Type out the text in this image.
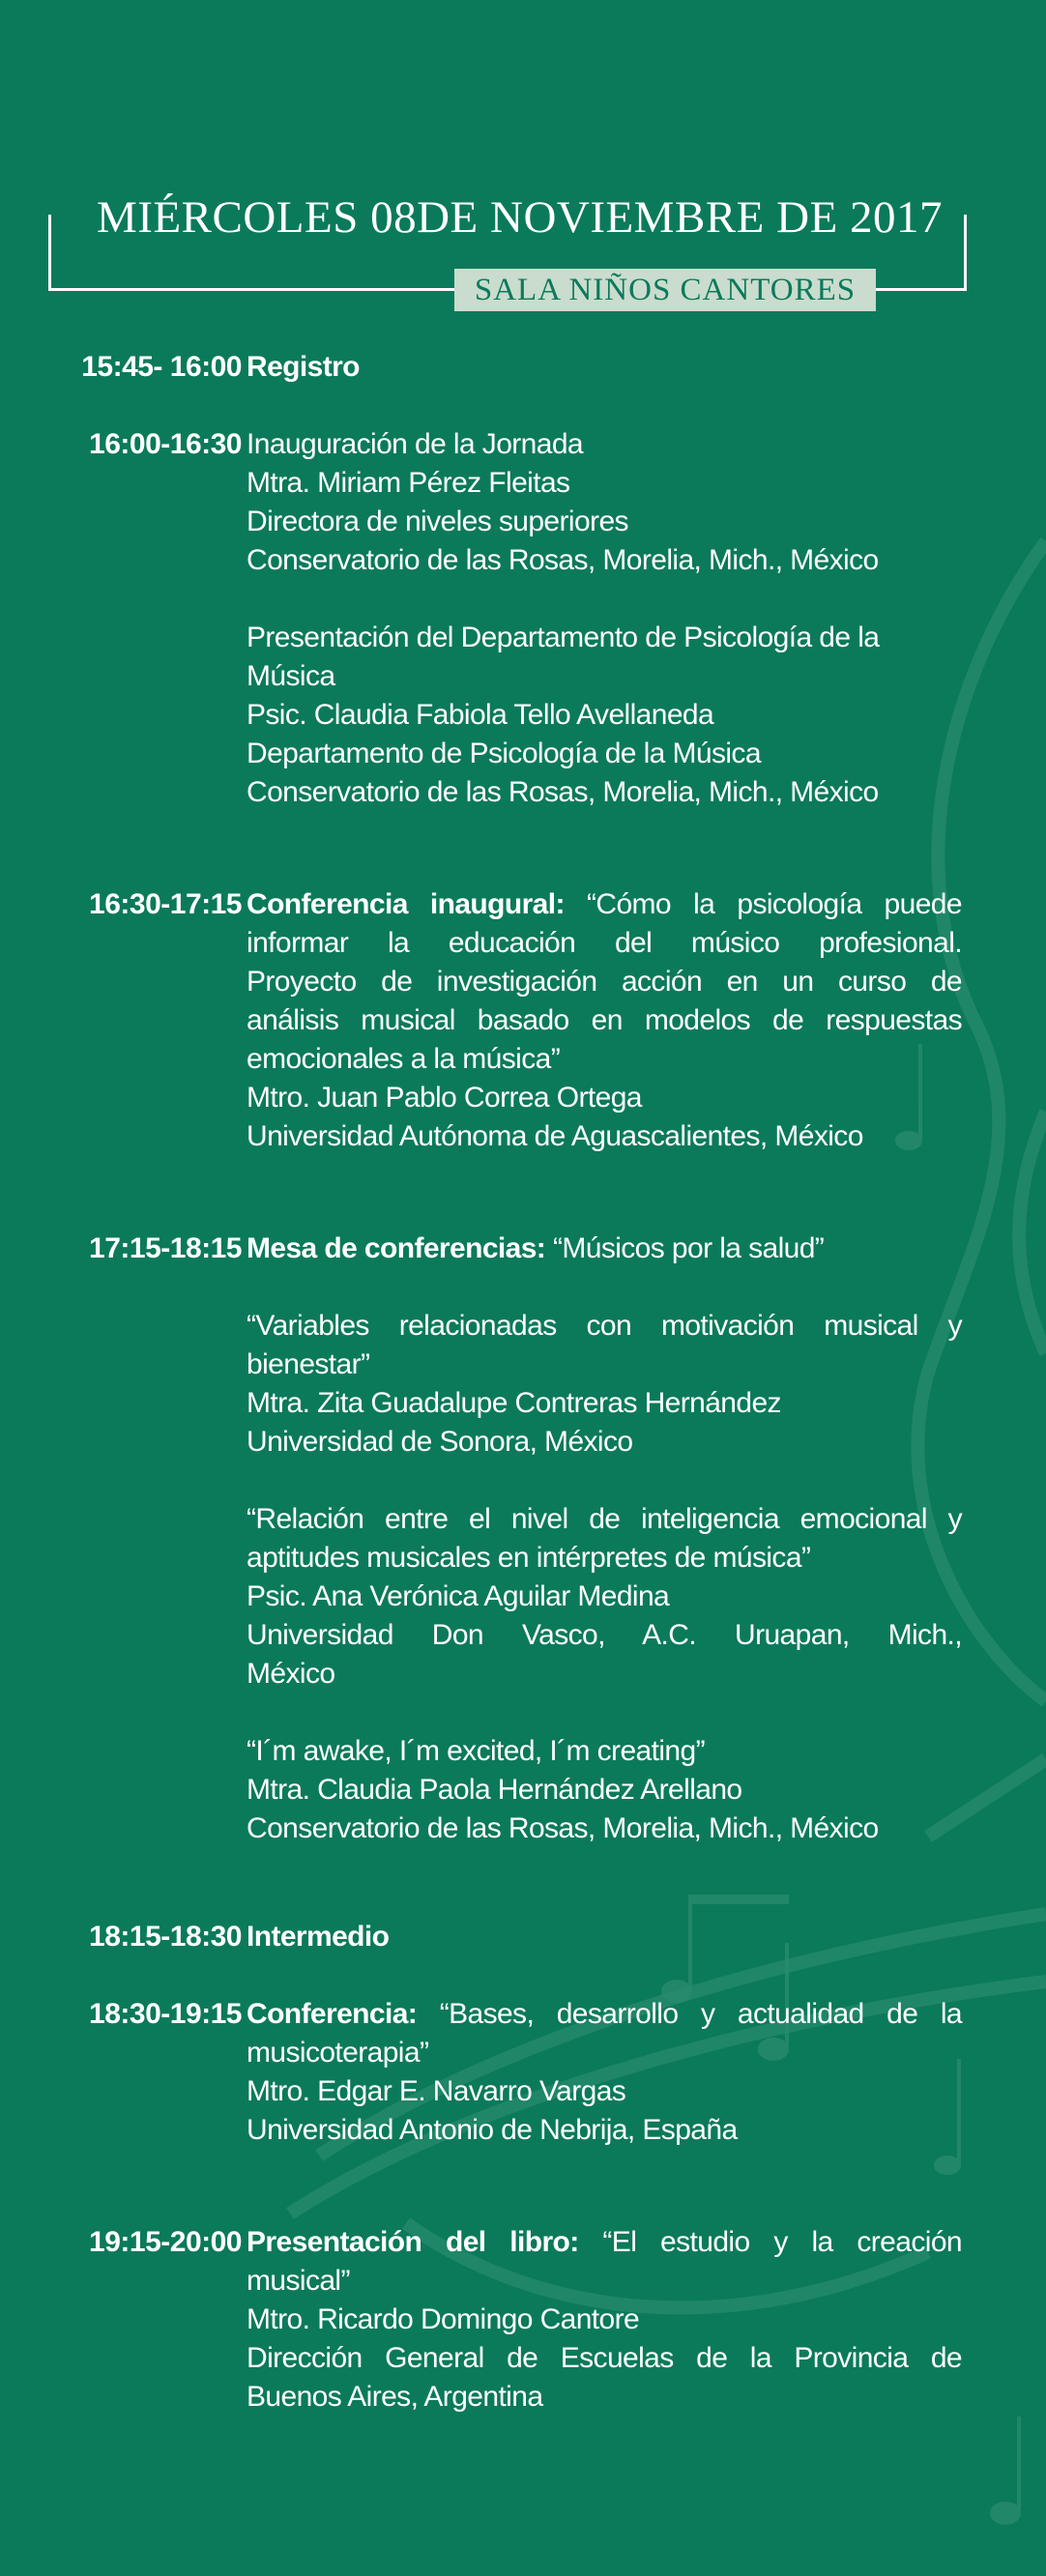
MIÉRCOLES 08DE NOVIEMBRE DE 2017
SALA NIÑOS CANTORES
15:45- 16:00 Registro
16:00-16:30 Inauguración de la Jornada
Mtra. Miriam Pérez Fleitas
Directora de niveles superiores
Conservatorio de las Rosas, Morelia, Mich., México
Presentación del Departamento de Psicología de la
Música
Psic. Claudia Fabiola Tello Avellaneda
Departamento de Psicología de la Música
Conservatorio de las Rosas, Morelia, Mich., México
16:30-17:15 Conferencia inaugural: “Cómo la psicología puede
informar la educación del músico profesional.
Proyecto de investigación acción en un curso de
análisis musical basado en modelos de respuestas
emocionales a la música”
Mtro. Juan Pablo Correa Ortega
Universidad Autónoma de Aguascalientes, México
17:15-18:15 Mesa de conferencias: “Músicos por la salud”
“Variables relacionadas con motivación musical y
bienestar”
Mtra. Zita Guadalupe Contreras Hernández
Universidad de Sonora, México
“Relación entre el nivel de inteligencia emocional y
aptitudes musicales en intérpretes de música”
Psic. Ana Verónica Aguilar Medina
Universidad Don Vasco, A.C. Uruapan, Mich.,
México
“I´m awake, I´m excited, I´m creating”
Mtra. Claudia Paola Hernández Arellano
Conservatorio de las Rosas, Morelia, Mich., México
18:15-18:30 Intermedio
18:30-19:15 Conferencia: “Bases, desarrollo y actualidad de la
musicoterapia”
Mtro. Edgar E. Navarro Vargas
Universidad Antonio de Nebrija, España
19:15-20:00 Presentación del libro: “El estudio y la creación
musical”
Mtro. Ricardo Domingo Cantore
Dirección General de Escuelas de la Provincia de
Buenos Aires, Argentina
